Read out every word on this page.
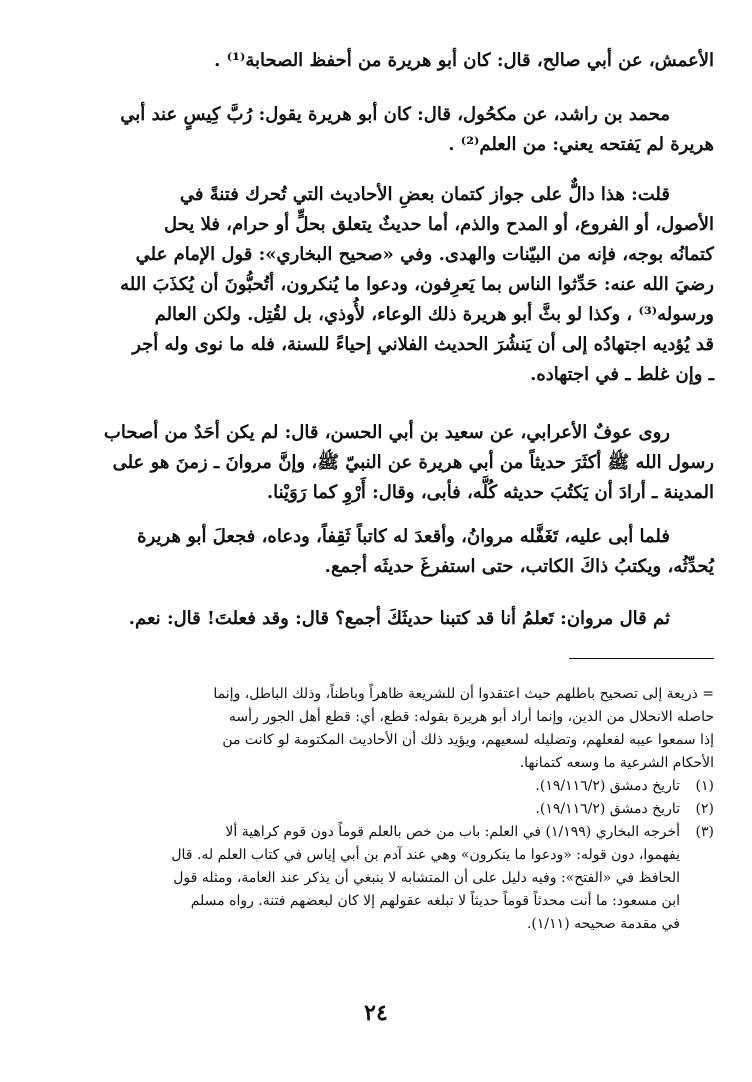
الأعمش، عن أبي صالح، قال: كان أبو هريرة من أحفظ الصحابة⁽¹⁾ .

محمد بن راشد، عن مكحُول، قال: كان أبو هريرة يقول: رُبَّ كِيسٍ عند أبي
هريرة لم يَفتحه يعني: من العلم⁽²⁾ .

قلت: هذا دالٌّ على جواز كتمان بعضِ الأحاديث التي تُحرك فتنةً في
الأصول، أو الفروع، أو المدح والذم، أما حديثٌ يتعلق بحلٍّ أو حرام، فلا يحل
كتمانُه بوجه، فإنه من البيّنات والهدى. وفي «صحيح البخاري»: قول الإمام علي
رضيَ الله عنه: حَدِّثوا الناس بما يَعرِفون، ودعوا ما يُنكرون، أتُحبُّونَ أن يُكذَبَ الله
ورسوله⁽³⁾ ، وكذا لو بثَّ أبو هريرة ذلك الوعاء، لأُوذي، بل لقُتِل. ولكن العالم
قد يُؤديه اجتهادُه إلى أن يَنشُرَ الحديث الفلاني إحياءً للسنة، فله ما نوى وله أجر
ـ وإن غلط ـ في اجتهاده.

روى عوفٌ الأعرابي، عن سعيد بن أبي الحسن، قال: لم يكن أحَدٌ من أصحاب
رسول الله ﷺ أكثَرَ حديثاً من أبي هريرة عن النبيّ ﷺ، وإنَّ مروانَ ـ زمنَ هو على
المدينة ـ أرادَ أن يَكتُبَ حديثه كُلَّه، فأبى، وقال: أَرْوِ كما رَوَيْنا.

فلما أبى عليه، تَغَفَّله مروانُ، وأقعدَ له كاتباً ثَقِفاً، ودعاه، فجعلَ أبو هريرة
يُحدِّثُه، ويكتبُ ذاكَ الكاتب، حتى استفرغَ حديثَه أجمع.

ثم قال مروان: تَعلمُ أنا قد كتبنا حديثَكَ أجمع؟ قال: وقد فعلتَ! قال: نعم.

= ذريعة إلى تصحيح باطلهم حيث اعتقدوا أن للشريعة ظاهراً وباطناً، وذلك الباطل، وإنما
حاصله الانحلال من الدين، وإنما أراد أبو هريرة بقوله: قطع، أي: قطع أهل الجور رأسه
إذا سمعوا عيبه لفعلهم، وتضليله لسعيهم، ويؤيد ذلك أن الأحاديث المكتومة لو كانت من
الأحكام الشرعية ما وسعه كتمانها.
(١)
تاريخ دمشق (١٩/١١٦/٢).
(٢)
تاريخ دمشق (١٩/١١٦/٢).
(٣)
أخرجه البخاري (١/١٩٩) في العلم: باب من خص بالعلم قوماً دون قوم كراهية ألا
يفهموا، دون قوله: «ودعوا ما ينكرون» وهي عند آدم بن أبي إياس في كتاب العلم له. قال
الحافظ في «الفتح»: وفيه دليل على أن المتشابه لا ينبغي أن يذكر عند العامة، ومثله قول
ابن مسعود: ما أنت محدثاً قوماً حديثاً لا تبلغه عقولهم إلا كان لبعضهم فتنة. رواه مسلم
في مقدمة صحيحه (١/١١).
٢٤
